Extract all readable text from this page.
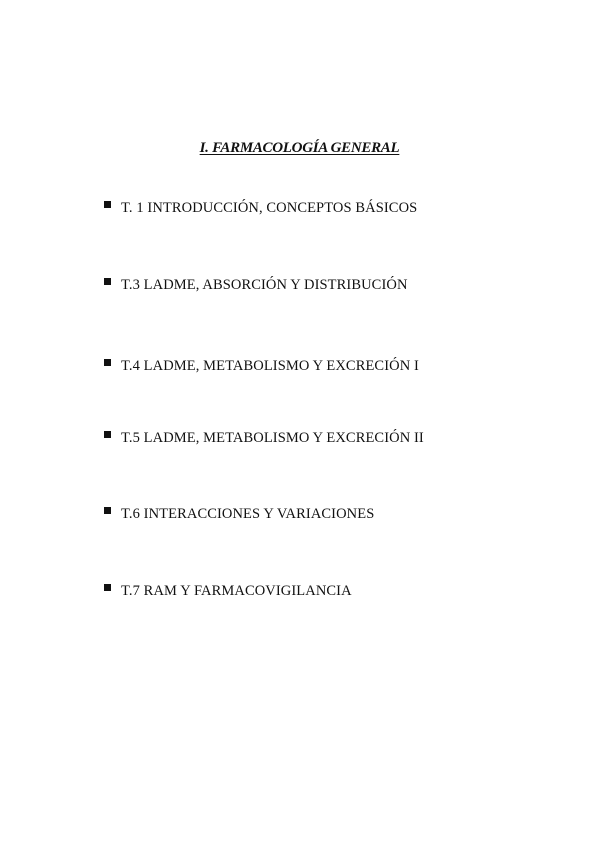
I. FARMACOLOGÍA GENERAL
T. 1 INTRODUCCIÓN, CONCEPTOS BÁSICOS
T.3 LADME, ABSORCIÓN Y DISTRIBUCIÓN
T.4 LADME, METABOLISMO Y EXCRECIÓN I
T.5 LADME, METABOLISMO Y EXCRECIÓN II
T.6 INTERACCIONES Y VARIACIONES
T.7 RAM Y FARMACOVIGILANCIA
